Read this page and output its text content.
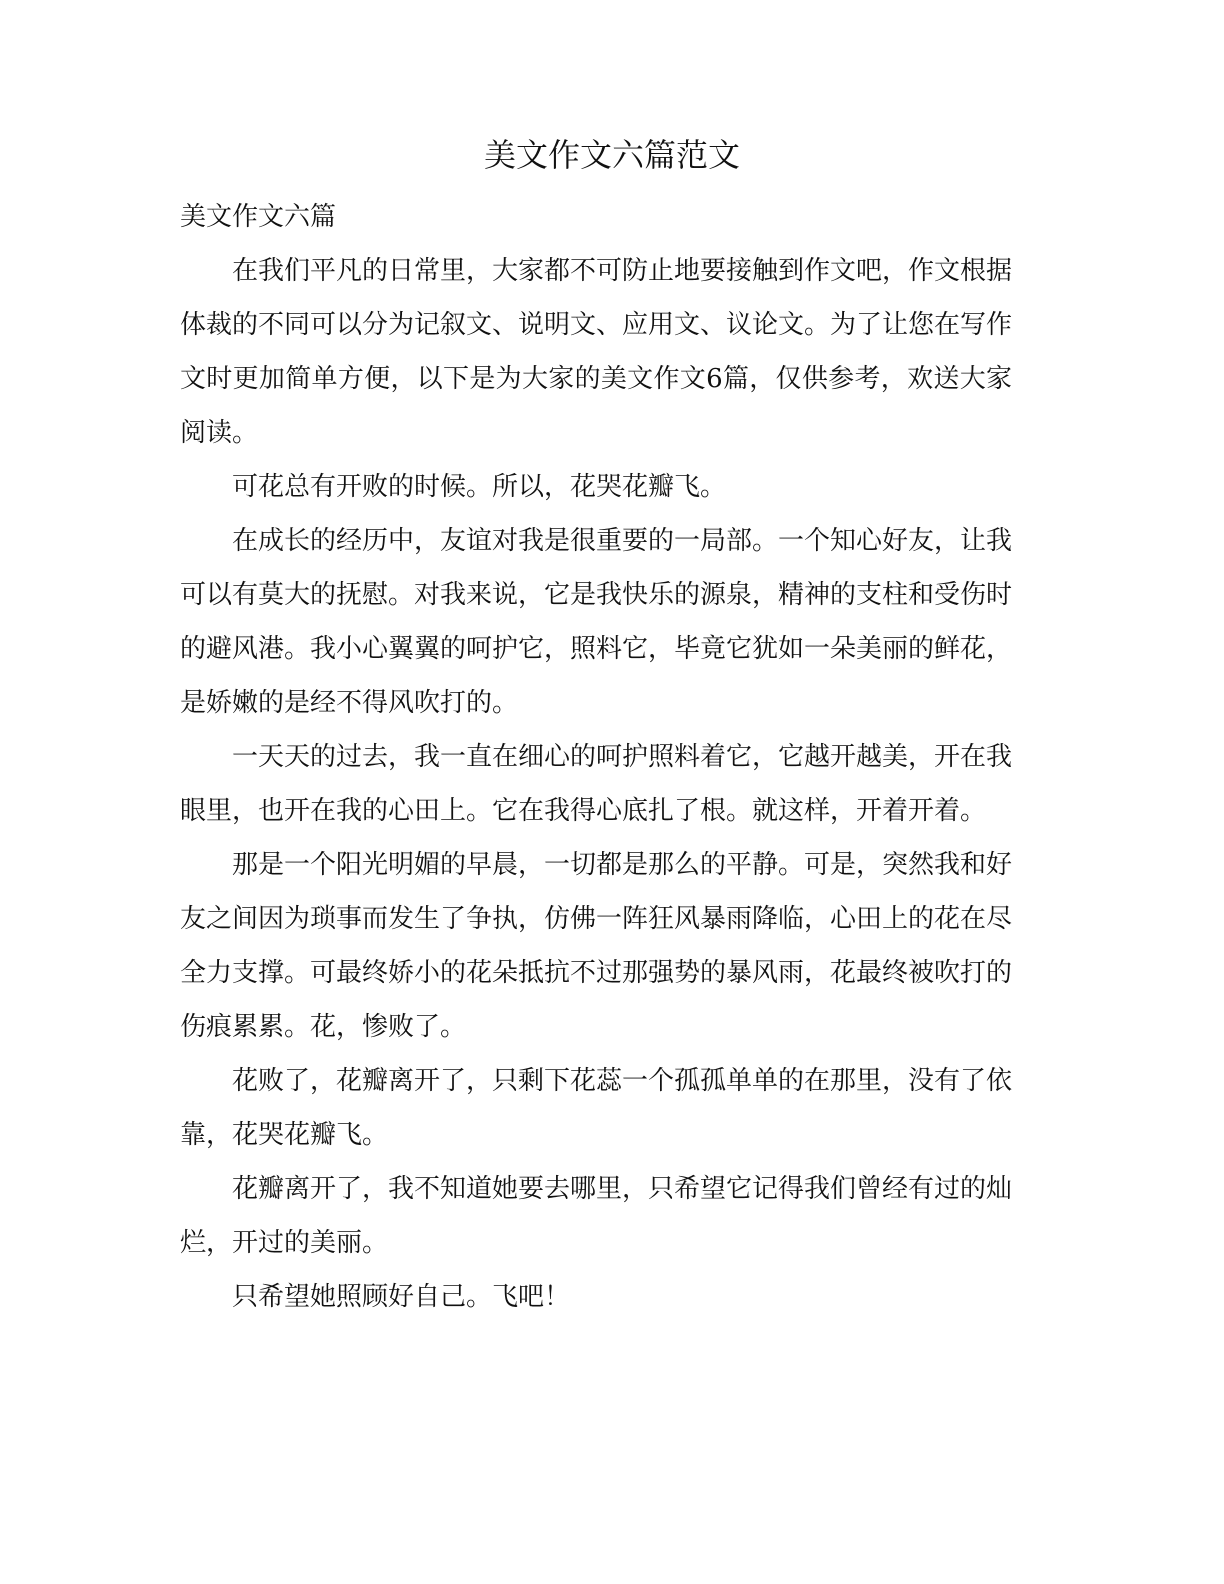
美文作文六篇范文

美文作文六篇

在我们平凡的日常里，大家都不可防止地要接触到作文吧，作文根据体裁的不同可以分为记叙文、说明文、应用文、议论文。为了让您在写作文时更加简单方便，以下是为大家的美文作文6篇，仅供参考，欢送大家阅读。

可花总有开败的时候。所以，花哭花瓣飞。

在成长的经历中，友谊对我是很重要的一局部。一个知心好友，让我可以有莫大的抚慰。对我来说，它是我快乐的源泉，精神的支柱和受伤时的避风港。我小心翼翼的呵护它，照料它，毕竟它犹如一朵美丽的鲜花，是娇嫩的是经不得风吹打的。

一天天的过去，我一直在细心的呵护照料着它，它越开越美，开在我眼里，也开在我的心田上。它在我得心底扎了根。就这样，开着开着。

那是一个阳光明媚的早晨，一切都是那么的平静。可是，突然我和好友之间因为琐事而发生了争执，仿佛一阵狂风暴雨降临，心田上的花在尽全力支撑。可最终娇小的花朵抵抗不过那强势的暴风雨，花最终被吹打的伤痕累累。花，惨败了。

花败了，花瓣离开了，只剩下花蕊一个孤孤单单的在那里，没有了依靠，花哭花瓣飞。

花瓣离开了，我不知道她要去哪里，只希望它记得我们曾经有过的灿烂，开过的美丽。

只希望她照顾好自己。飞吧！
